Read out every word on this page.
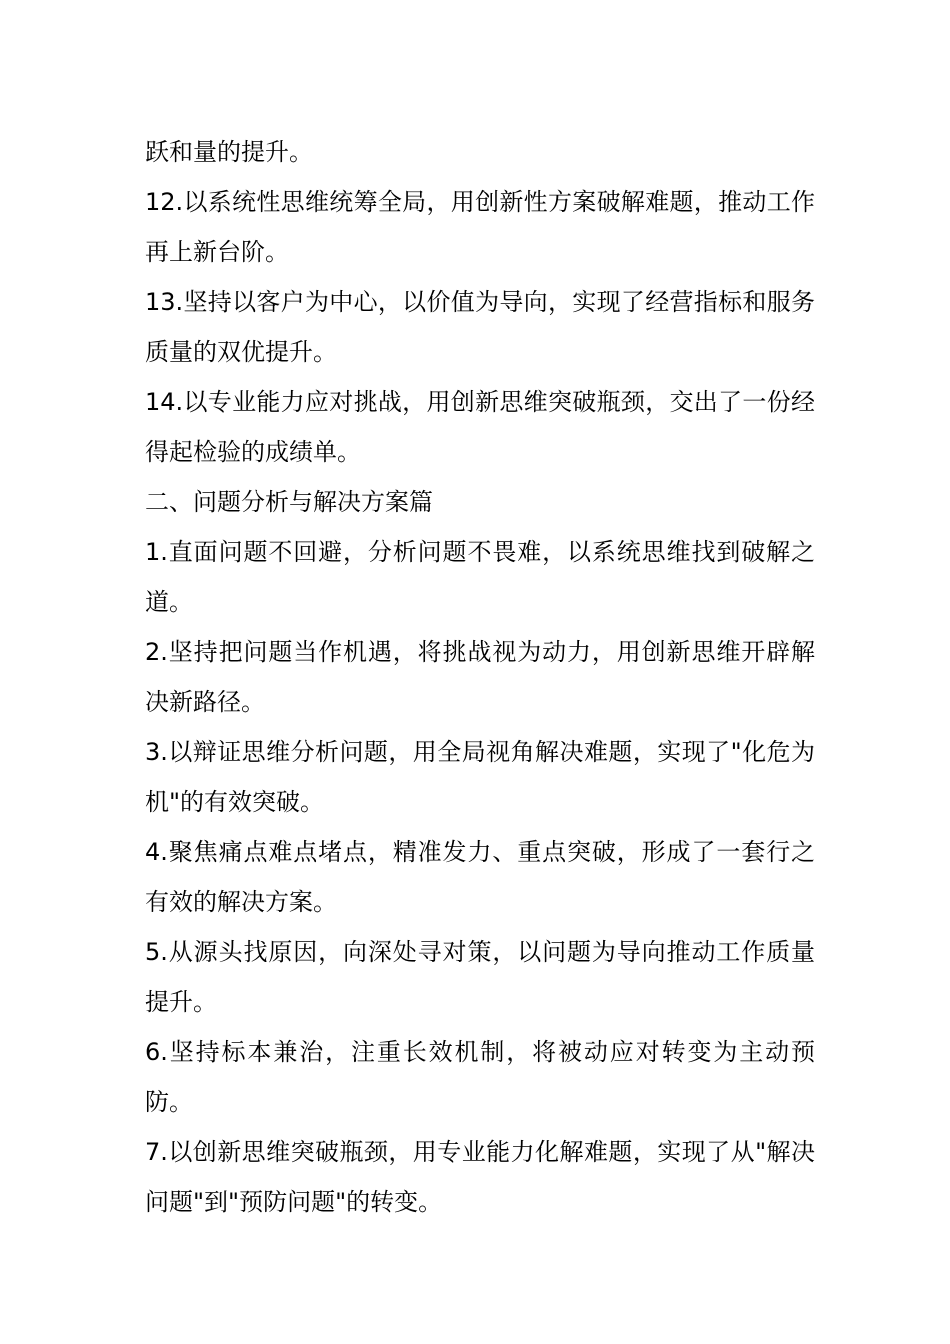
跃和量的提升。

12.以系统性思维统筹全局，用创新性方案破解难题，推动工作再上新台阶。

13.坚持以客户为中心，以价值为导向，实现了经营指标和服务质量的双优提升。

14.以专业能力应对挑战，用创新思维突破瓶颈，交出了一份经得起检验的成绩单。

二、问题分析与解决方案篇

1.直面问题不回避，分析问题不畏难，以系统思维找到破解之道。

2.坚持把问题当作机遇，将挑战视为动力，用创新思维开辟解决新路径。

3.以辩证思维分析问题，用全局视角解决难题，实现了"化危为机"的有效突破。

4.聚焦痛点难点堵点，精准发力、重点突破，形成了一套行之有效的解决方案。

5.从源头找原因，向深处寻对策，以问题为导向推动工作质量提升。

6.坚持标本兼治，注重长效机制，将被动应对转变为主动预防。

7.以创新思维突破瓶颈，用专业能力化解难题，实现了从"解决问题"到"预防问题"的转变。
